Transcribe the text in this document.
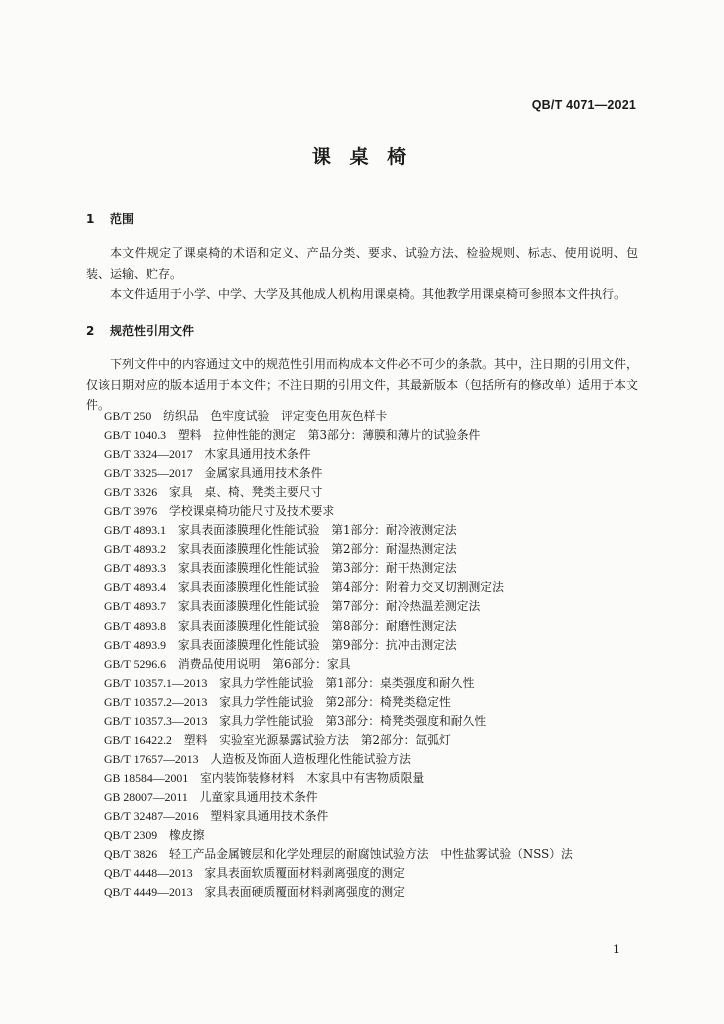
QB/T 4071—2021
课 桌 椅
1 范围
本文件规定了课桌椅的术语和定义、产品分类、要求、试验方法、检验规则、标志、使用说明、包装、运输、贮存。
本文件适用于小学、中学、大学及其他成人机构用课桌椅。其他教学用课桌椅可参照本文件执行。
2 规范性引用文件
下列文件中的内容通过文中的规范性引用而构成本文件必不可少的条款。其中，注日期的引用文件，仅该日期对应的版本适用于本文件；不注日期的引用文件，其最新版本（包括所有的修改单）适用于本文件。
GB/T 250　 纺织品　色牢度试验　评定变色用灰色样卡
GB/T 1040.3　 塑料　拉伸性能的测定　第3部分：薄膜和薄片的试验条件
GB/T 3324—2017　 木家具通用技术条件
GB/T 3325—2017　 金属家具通用技术条件
GB/T 3326　 家具　桌、椅、凳类主要尺寸
GB/T 3976　 学校课桌椅功能尺寸及技术要求
GB/T 4893.1　 家具表面漆膜理化性能试验　第1部分：耐冷液测定法
GB/T 4893.2　 家具表面漆膜理化性能试验　第2部分：耐湿热测定法
GB/T 4893.3　 家具表面漆膜理化性能试验　第3部分：耐干热测定法
GB/T 4893.4　 家具表面漆膜理化性能试验　第4部分：附着力交叉切割测定法
GB/T 4893.7　 家具表面漆膜理化性能试验　第7部分：耐冷热温差测定法
GB/T 4893.8　 家具表面漆膜理化性能试验　第8部分：耐磨性测定法
GB/T 4893.9　 家具表面漆膜理化性能试验　第9部分：抗冲击测定法
GB/T 5296.6　 消费品使用说明　第6部分：家具
GB/T 10357.1—2013　 家具力学性能试验　第1部分：桌类强度和耐久性
GB/T 10357.2—2013　 家具力学性能试验　第2部分：椅凳类稳定性
GB/T 10357.3—2013　 家具力学性能试验　第3部分：椅凳类强度和耐久性
GB/T 16422.2　 塑料　实验室光源暴露试验方法　第2部分：氙弧灯
GB/T 17657—2013　 人造板及饰面人造板理化性能试验方法
GB 18584—2001　 室内装饰装修材料　木家具中有害物质限量
GB 28007—2011　 儿童家具通用技术条件
GB/T 32487—2016　 塑料家具通用技术条件
QB/T 2309　 橡皮擦
QB/T 3826　 轻工产品金属镀层和化学处理层的耐腐蚀试验方法　中性盐雾试验（NSS）法
QB/T 4448—2013　 家具表面软质覆面材料剥离强度的测定
QB/T 4449—2013　 家具表面硬质覆面材料剥离强度的测定
1
